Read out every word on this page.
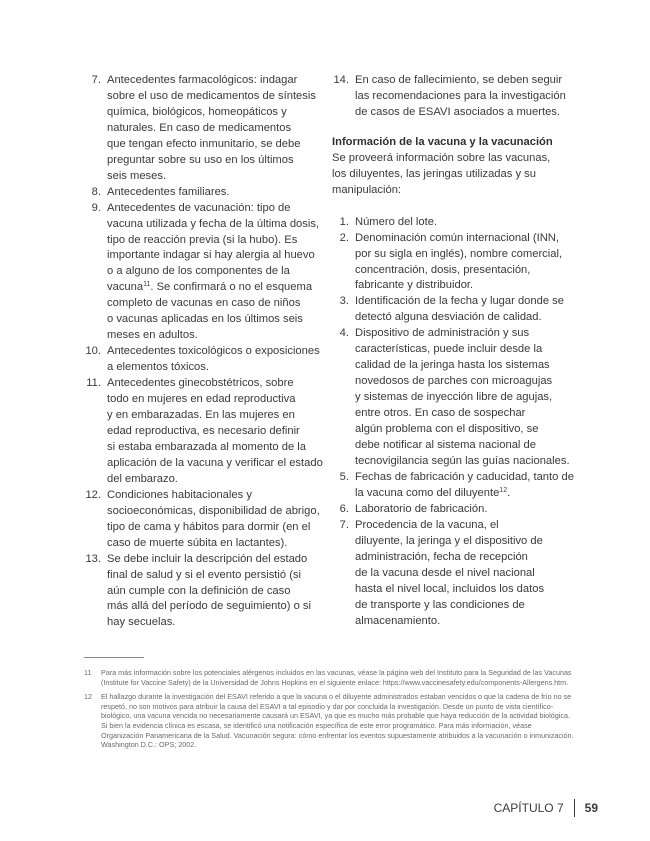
7. Antecedentes farmacológicos: indagar
sobre el uso de medicamentos de síntesis
química, biológicos, homeopáticos y
naturales. En caso de medicamentos
que tengan efecto inmunitario, se debe
preguntar sobre su uso en los últimos
seis meses.
8. Antecedentes familiares.
9. Antecedentes de vacunación: tipo de
vacuna utilizada y fecha de la última dosis,
tipo de reacción previa (si la hubo). Es
importante indagar si hay alergia al huevo
o a alguno de los componentes de la
vacuna$^{11}$. Se confirmará o no el esquema
completo de vacunas en caso de niños
o vacunas aplicadas en los últimos seis
meses en adultos.
10. Antecedentes toxicológicos o exposiciones
a elementos tóxicos.
11. Antecedentes ginecobstétricos, sobre
todo en mujeres en edad reproductiva
y en embarazadas. En las mujeres en
edad reproductiva, es necesario definir
si estaba embarazada al momento de la
aplicación de la vacuna y verificar el estado
del embarazo.
12. Condiciones habitacionales y
socioeconómicas, disponibilidad de abrigo,
tipo de cama y hábitos para dormir (en el
caso de muerte súbita en lactantes).
13. Se debe incluir la descripción del estado
final de salud y si el evento persistió (si
aún cumple con la definición de caso
más allá del período de seguimiento) o si
hay secuelas.
14. En caso de fallecimiento, se deben seguir
las recomendaciones para la investigación
de casos de ESAVI asociados a muertes.
Información de la vacuna y la vacunación
Se proveerá información sobre las vacunas,
los diluyentes, las jeringas utilizadas y su
manipulación:
1. Número del lote.
2. Denominación común internacional (INN,
por su sigla en inglés), nombre comercial,
concentración, dosis, presentación,
fabricante y distribuidor.
3. Identificación de la fecha y lugar donde se
detectó alguna desviación de calidad.
4. Dispositivo de administración y sus
características, puede incluir desde la
calidad de la jeringa hasta los sistemas
novedosos de parches con microagujas
y sistemas de inyección libre de agujas,
entre otros. En caso de sospechar
algún problema con el dispositivo, se
debe notificar al sistema nacional de
tecnovigilancia según las guías nacionales.
5. Fechas de fabricación y caducidad, tanto de
la vacuna como del diluyente$^{12}$.
6. Laboratorio de fabricación.
7. Procedencia de la vacuna, el
diluyente, la jeringa y el dispositivo de
administración, fecha de recepción
de la vacuna desde el nivel nacional
hasta el nivel local, incluidos los datos
de transporte y las condiciones de
almacenamiento.
11 Para más información sobre los potenciales alérgenos incluidos en las vacunas, véase la página web del Instituto para la Seguridad de las Vacunas (Institute for Vaccine Safety) de la Universidad de Johns Hopkins en el siguiente enlace: https://www.vaccinesafety.edu/components-Allergens.htm.
12 El hallazgo durante la investigación del ESAVI referido a que la vacuna o el diluyente administrados estaban vencidos o que la cadena de frío no se respetó, no son motivos para atribuir la causa del ESAVI a tal episodio y dar por concluida la investigación. Desde un punto de vista científico-biológico, una vacuna vencida no necesariamente causará un ESAVI, ya que es mucho más probable que haya reducción de la actividad biológica. Si bien la evidencia clínica es escasa, se identificó una notificación específica de este error programático. Para más información, véase Organización Panamericana de la Salud. Vacunación segura: cómo enfrentar los eventos supuestamente atribuidos a la vacunación o inmunización. Washington D.C.: OPS; 2002.
CAPÍTULO 7 59
